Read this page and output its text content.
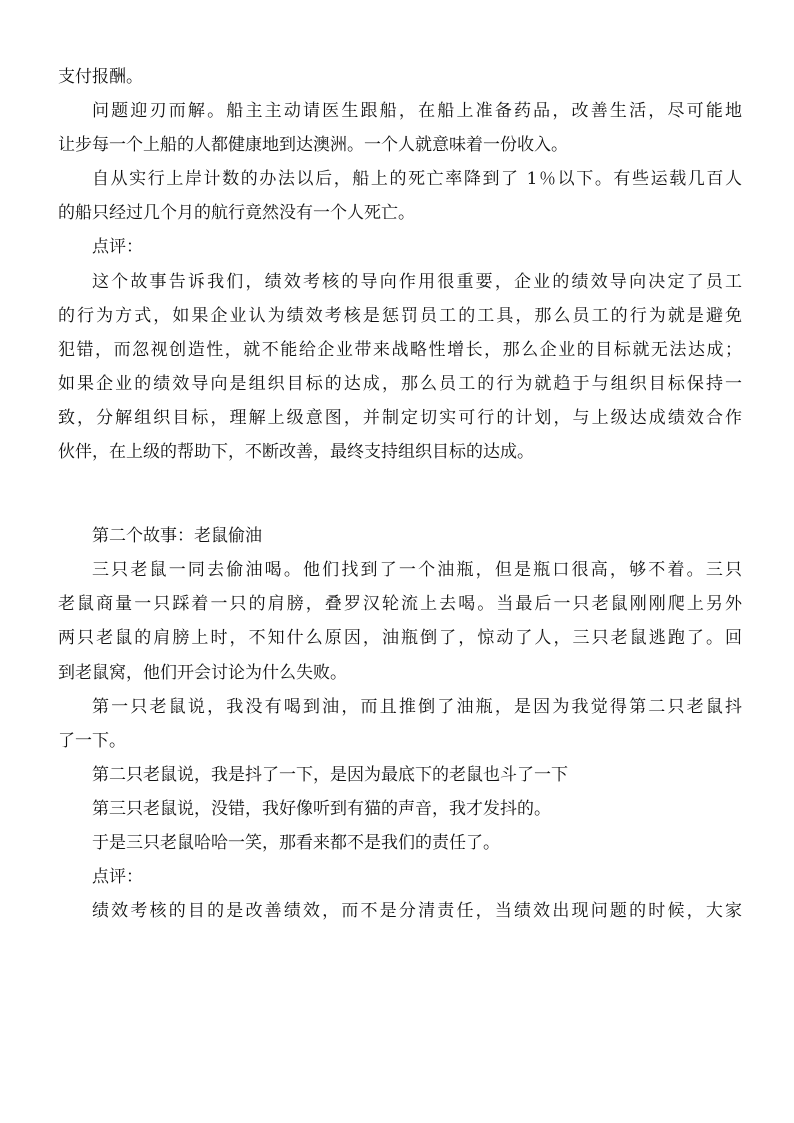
支付报酬。
问题迎刃而解。船主主动请医生跟船，在船上准备药品，改善生活，尽可能地
让步每一个上船的人都健康地到达澳洲。一个人就意味着一份收入。
自从实行上岸计数的办法以后，船上的死亡率降到了 1％以下。有些运载几百人
的船只经过几个月的航行竟然没有一个人死亡。
点评：
这个故事告诉我们，绩效考核的导向作用很重要，企业的绩效导向决定了员工
的行为方式，如果企业认为绩效考核是惩罚员工的工具，那么员工的行为就是避免
犯错，而忽视创造性，就不能给企业带来战略性增长，那么企业的目标就无法达成；
如果企业的绩效导向是组织目标的达成，那么员工的行为就趋于与组织目标保持一
致，分解组织目标，理解上级意图，并制定切实可行的计划，与上级达成绩效合作
伙伴，在上级的帮助下，不断改善，最终支持组织目标的达成。
第二个故事：老鼠偷油
三只老鼠一同去偷油喝。他们找到了一个油瓶，但是瓶口很高，够不着。三只
老鼠商量一只踩着一只的肩膀，叠罗汉轮流上去喝。当最后一只老鼠刚刚爬上另外
两只老鼠的肩膀上时，不知什么原因，油瓶倒了，惊动了人，三只老鼠逃跑了。回
到老鼠窝，他们开会讨论为什么失败。
第一只老鼠说，我没有喝到油，而且推倒了油瓶，是因为我觉得第二只老鼠抖
了一下。
第二只老鼠说，我是抖了一下，是因为最底下的老鼠也斗了一下
第三只老鼠说，没错，我好像听到有猫的声音，我才发抖的。
于是三只老鼠哈哈一笑，那看来都不是我们的责任了。
点评：
绩效考核的目的是改善绩效，而不是分清责任，当绩效出现问题的时候，大家
